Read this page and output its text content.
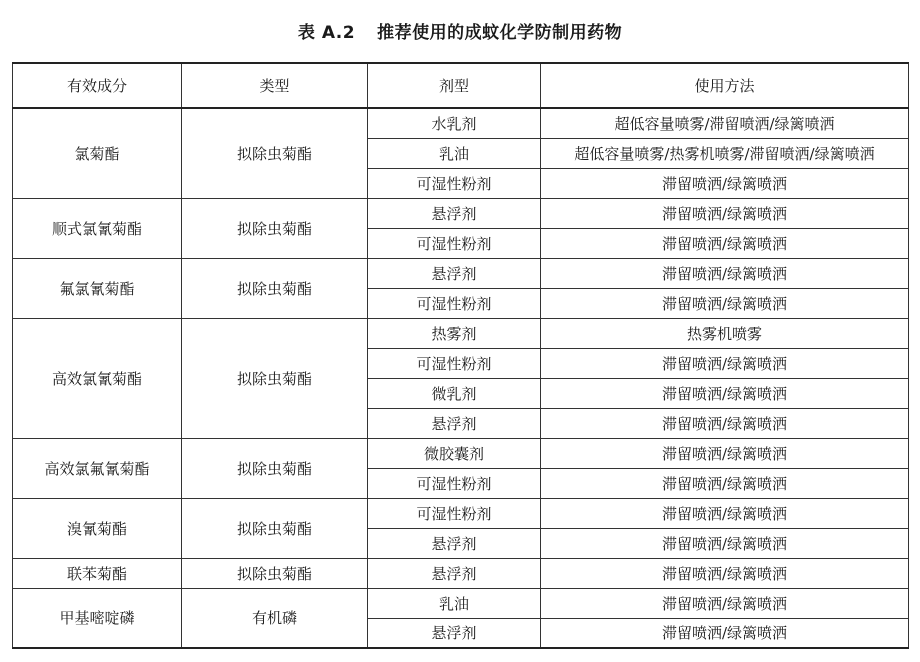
表 A.2 推荐使用的成蚊化学防制用药物
有效成分	类型	剂型	使用方法
氯菊酯	拟除虫菊酯	水乳剂	超低容量喷雾/滞留喷洒/绿篱喷洒
		乳油	超低容量喷雾/热雾机喷雾/滞留喷洒/绿篱喷洒
		可湿性粉剂	滞留喷洒/绿篱喷洒
顺式氯氰菊酯	拟除虫菊酯	悬浮剂	滞留喷洒/绿篱喷洒
		可湿性粉剂	滞留喷洒/绿篱喷洒
氟氯氰菊酯	拟除虫菊酯	悬浮剂	滞留喷洒/绿篱喷洒
		可湿性粉剂	滞留喷洒/绿篱喷洒
高效氯氰菊酯	拟除虫菊酯	热雾剂	热雾机喷雾
		可湿性粉剂	滞留喷洒/绿篱喷洒
		微乳剂	滞留喷洒/绿篱喷洒
		悬浮剂	滞留喷洒/绿篱喷洒
高效氯氟氰菊酯	拟除虫菊酯	微胶囊剂	滞留喷洒/绿篱喷洒
		可湿性粉剂	滞留喷洒/绿篱喷洒
溴氰菊酯	拟除虫菊酯	可湿性粉剂	滞留喷洒/绿篱喷洒
		悬浮剂	滞留喷洒/绿篱喷洒
联苯菊酯	拟除虫菊酯	悬浮剂	滞留喷洒/绿篱喷洒
甲基嘧啶磷	有机磷	乳油	滞留喷洒/绿篱喷洒
		悬浮剂	滞留喷洒/绿篱喷洒
